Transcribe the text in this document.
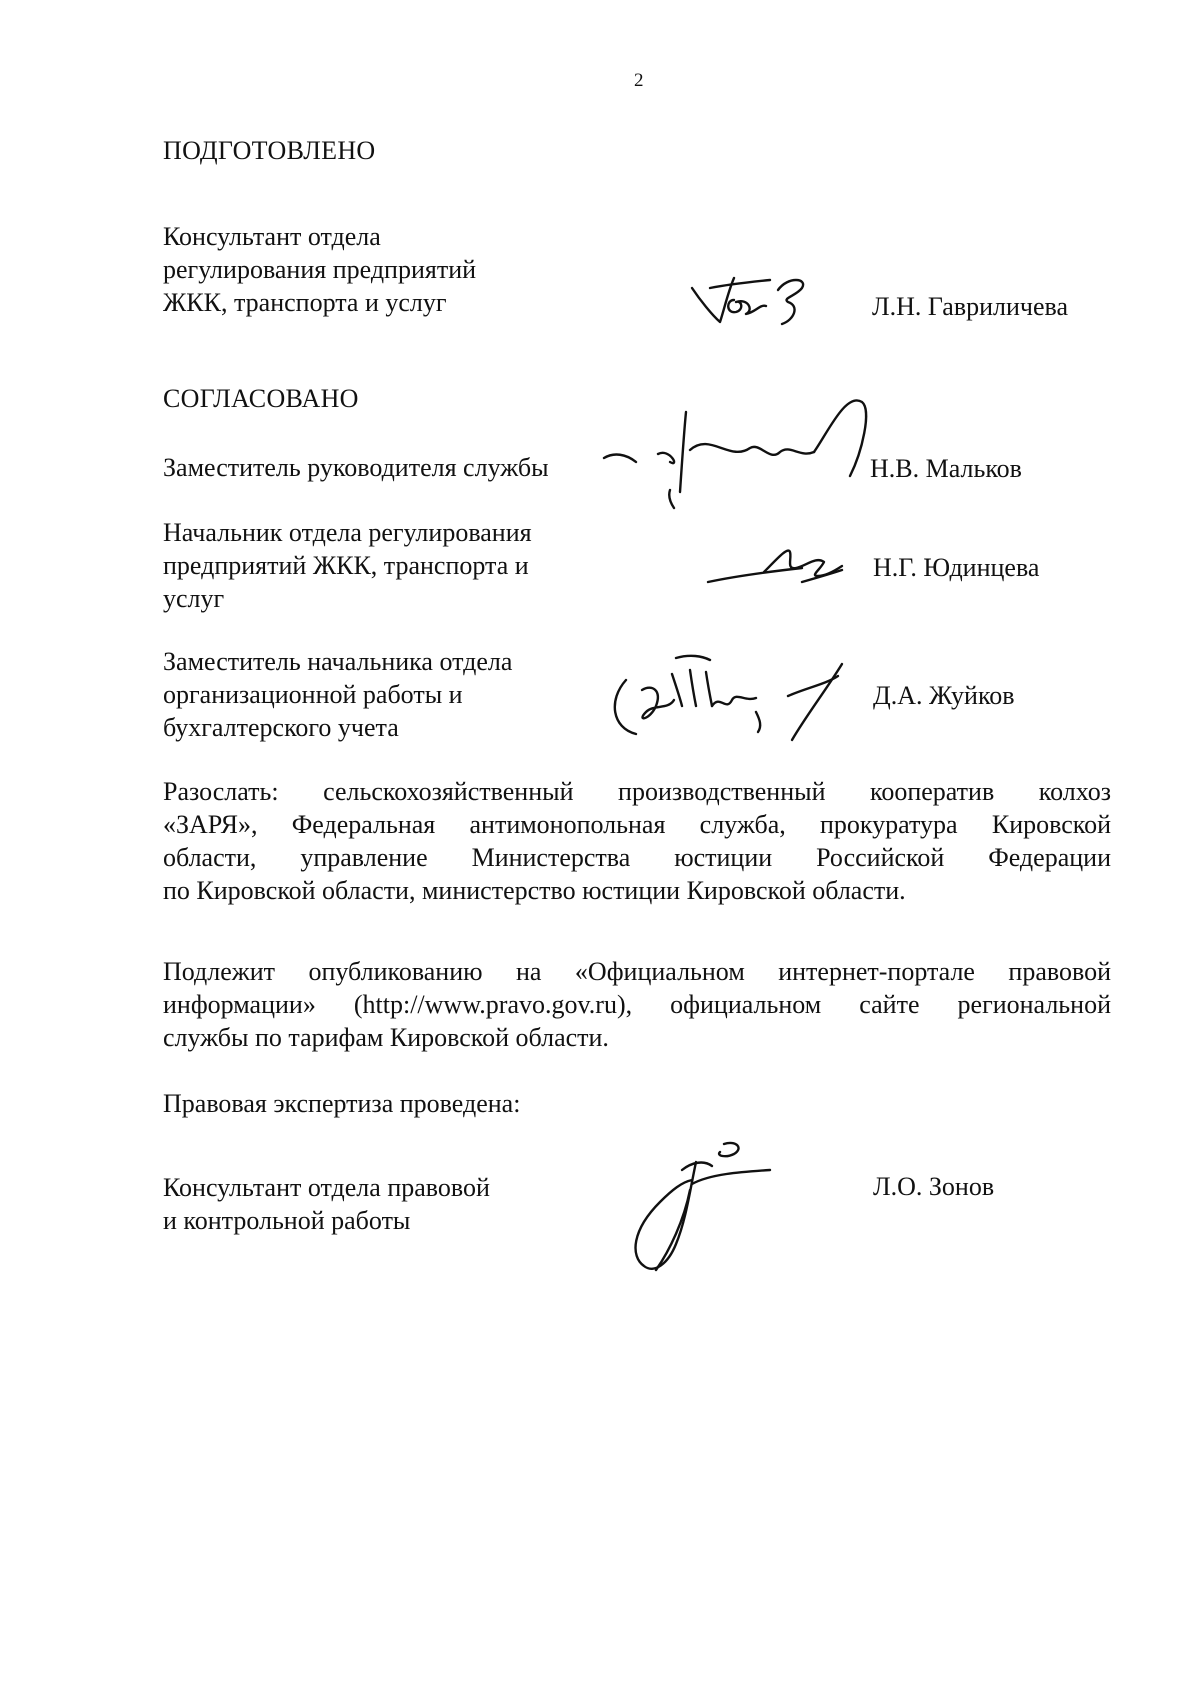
2
ПОДГОТОВЛЕНО
Консультант отдела
регулирования предприятий
ЖКК, транспорта и услуг	Л.Н. Гавриличева
СОГЛАСОВАНО
Заместитель руководителя службы	Н.В. Мальков
Начальник отдела регулирования
предприятий ЖКК, транспорта и
услуг
Н.Г. Юдинцева
Заместитель начальника отдела
организационной работы и
бухгалтерского учета
Д.А. Жуйков
Разослать: сельскохозяйственный производственный кооператив колхоз
«ЗАРЯ», Федеральная антимонопольная служба, прокуратура Кировской
области, управление Министерства юстиции Российской Федерации
по Кировской области, министерство юстиции Кировской области.
Подлежит опубликованию на «Официальном интернет-портале правовой
информации» (http://www.pravo.gov.ru), официальном сайте региональной
службы по тарифам Кировской области.
Правовая экспертиза проведена:
Консультант отдела правовой
и контрольной работы
Л.О. Зонов
